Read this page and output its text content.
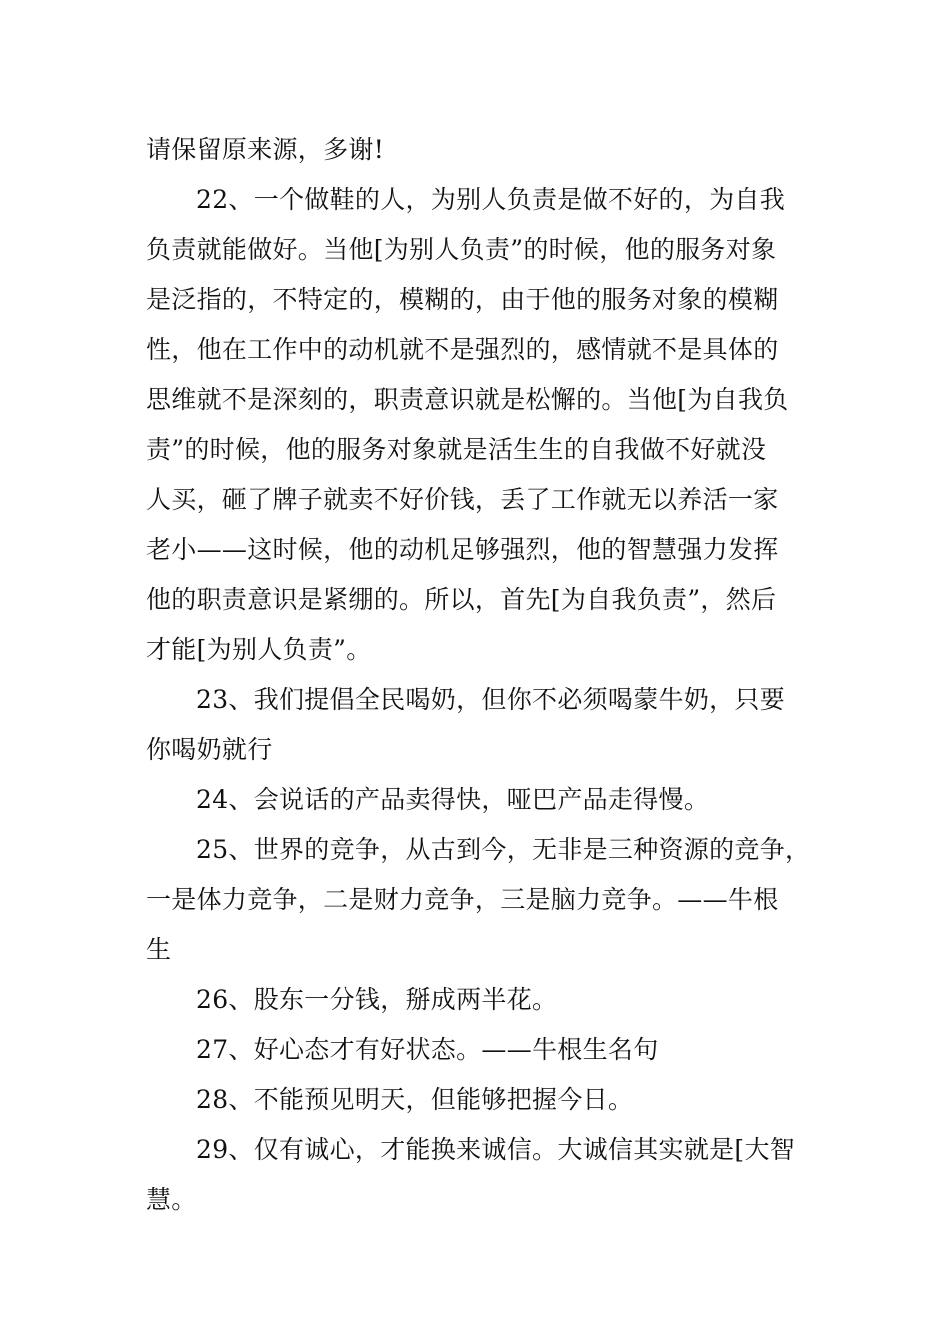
请保留原来源，多谢!

22、一个做鞋的人，为别人负责是做不好的，为自我

负责就能做好。当他[为别人负责”的时候，他的服务对象

是泛指的，不特定的，模糊的，由于他的服务对象的模糊

性，他在工作中的动机就不是强烈的，感情就不是具体的

思维就不是深刻的，职责意识就是松懈的。当他[为自我负

责”的时候，他的服务对象就是活生生的自我做不好就没

人买，砸了牌子就卖不好价钱，丢了工作就无以养活一家

老小——这时候，他的动机足够强烈，他的智慧强力发挥

他的职责意识是紧绷的。所以，首先[为自我负责”，然后

才能[为别人负责”。

23、我们提倡全民喝奶，但你不必须喝蒙牛奶，只要

你喝奶就行

24、会说话的产品卖得快，哑巴产品走得慢。

25、世界的竞争，从古到今，无非是三种资源的竞争，

一是体力竞争，二是财力竞争，三是脑力竞争。——牛根

生

26、股东一分钱，掰成两半花。

27、好心态才有好状态。——牛根生名句

28、不能预见明天，但能够把握今日。

29、仅有诚心，才能换来诚信。大诚信其实就是[大智

慧。
